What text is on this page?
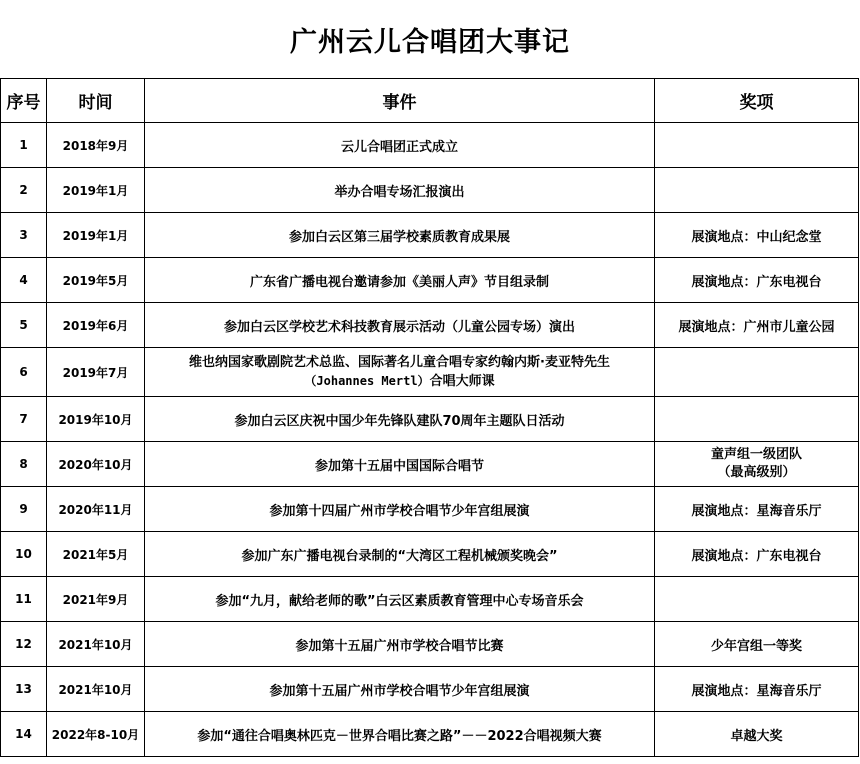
广州云儿合唱团大事记
序号	时间	事件	奖项
1	2018年9月	云儿合唱团正式成立	
2	2019年1月	举办合唱专场汇报演出	
3	2019年1月	参加白云区第三届学校素质教育成果展	展演地点：中山纪念堂
4	2019年5月	广东省广播电视台邀请参加《美丽人声》节目组录制	展演地点：广东电视台
5	2019年6月	参加白云区学校艺术科技教育展示活动（儿童公园专场）演出	展演地点：广州市儿童公园
6	2019年7月	维也纳国家歌剧院艺术总监、国际著名儿童合唱专家约翰内斯·麦亚特先生
（Johannes Mertl）合唱大师课	

7	2019年10月	参加白云区庆祝中国少年先锋队建队70周年主题队日活动	
8	2020年10月	参加第十五届中国国际合唱节	童声组一级团队
（最高级别）

9	2020年11月	参加第十四届广州市学校合唱节少年宫组展演	展演地点：星海音乐厅
10	2021年5月	参加广东广播电视台录制的“大湾区工程机械颁奖晚会”	展演地点：广东电视台
11	2021年9月	参加“九月，献给老师的歌”白云区素质教育管理中心专场音乐会	
12	2021年10月	参加第十五届广州市学校合唱节比赛	少年宫组一等奖
13	2021年10月	参加第十五届广州市学校合唱节少年宫组展演	展演地点：星海音乐厅
14	2022年8-10月	参加“通往合唱奥林匹克－世界合唱比赛之路”－－2022合唱视频大赛	卓越大奖
